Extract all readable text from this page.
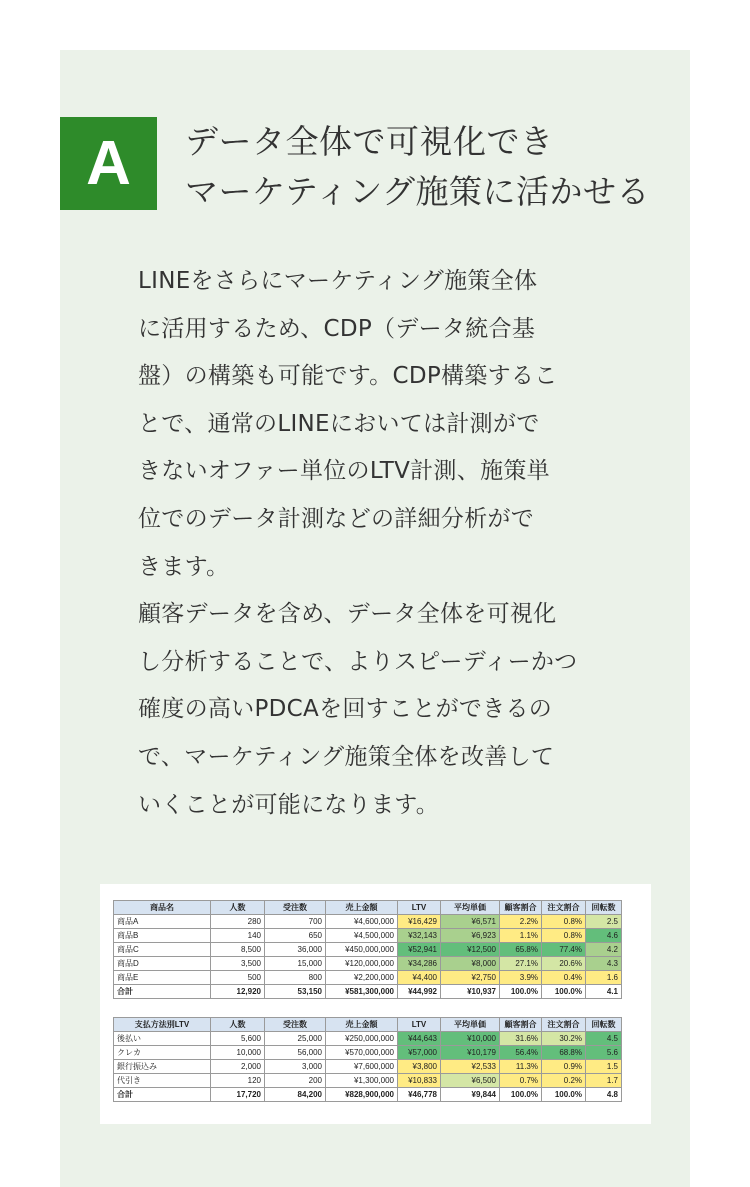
A	データ全体で可視化でき
マーケティング施策に活かせる
LINEをさらにマーケティング施策全体
に活用するため、CDP（データ統合基
盤）の構築も可能です。CDP構築するこ
とで、通常のLINEにおいては計測がで
きないオファー単位のLTV計測、施策単
位でのデータ計測などの詳細分析がで
きます。
顧客データを含め、データ全体を可視化
し分析することで、よりスピーディーかつ
確度の高いPDCAを回すことができるの
で、マーケティング施策全体を改善して
いくことが可能になります。
商品名	人数	受注数	売上金額	LTV	平均単価	顧客割合	注文割合	回転数
商品A	280	700	¥4,600,000	¥16,429	¥6,571	2.2%	0.8%	2.5
商品B	140	650	¥4,500,000	¥32,143	¥6,923	1.1%	0.8%	4.6
商品C	8,500	36,000	¥450,000,000	¥52,941	¥12,500	65.8%	77.4%	4.2
商品D	3,500	15,000	¥120,000,000	¥34,286	¥8,000	27.1%	20.6%	4.3
商品E	500	800	¥2,200,000	¥4,400	¥2,750	3.9%	0.4%	1.6
合計	12,920	53,150	¥581,300,000	¥44,992	¥10,937	100.0%	100.0%	4.1
支払方法別LTV	人数	受注数	売上金額	LTV	平均単価	顧客割合	注文割合	回転数
後払い	5,600	25,000	¥250,000,000	¥44,643	¥10,000	31.6%	30.2%	4.5
クレカ	10,000	56,000	¥570,000,000	¥57,000	¥10,179	56.4%	68.8%	5.6
銀行振込み	2,000	3,000	¥7,600,000	¥3,800	¥2,533	11.3%	0.9%	1.5
代引き	120	200	¥1,300,000	¥10,833	¥6,500	0.7%	0.2%	1.7
合計	17,720	84,200	¥828,900,000	¥46,778	¥9,844	100.0%	100.0%	4.8
